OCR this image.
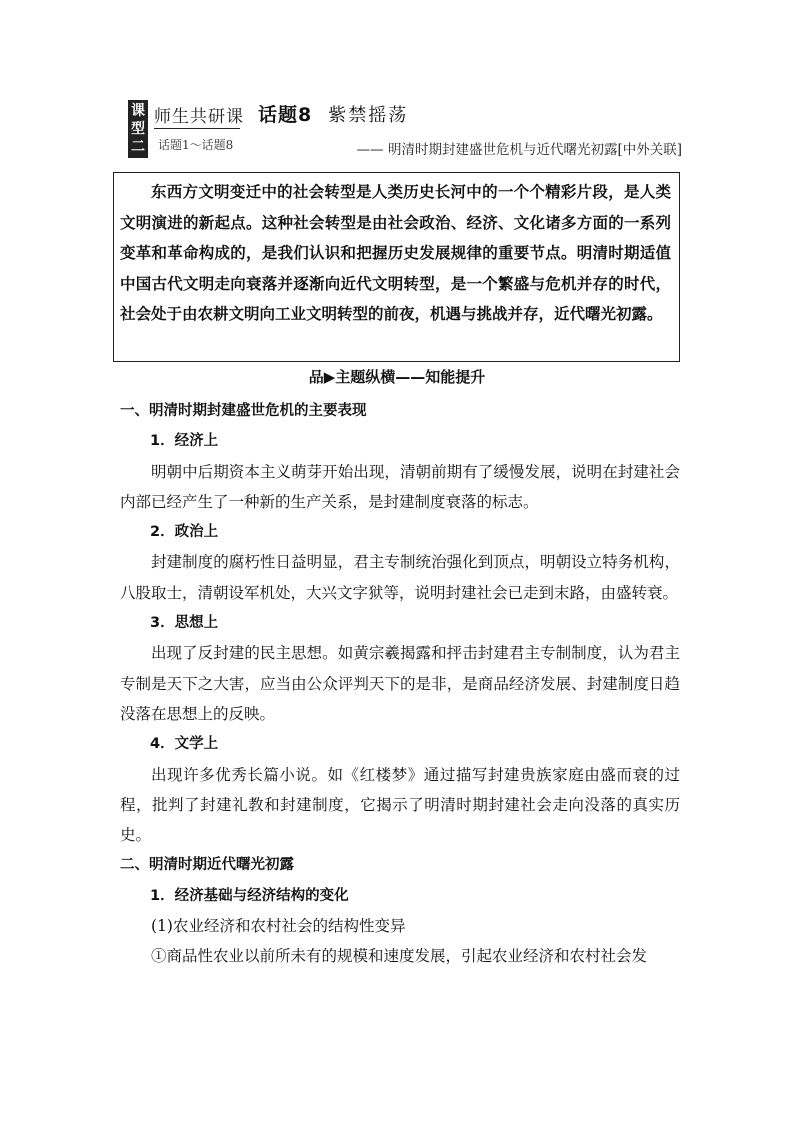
课
型
二
师生共研课
话题1～话题8
话题8 紫禁摇荡
—— 明清时期封建盛世危机与近代曙光初露[中外关联]
东西方文明变迁中的社会转型是人类历史长河中的一个个精彩片段，是人类文明演进的新起点。这种社会转型是由社会政治、经济、文化诸多方面的一系列变革和革命构成的，是我们认识和把握历史发展规律的重要节点。明清时期适值中国古代文明走向衰落并逐渐向近代文明转型，是一个繁盛与危机并存的时代，社会处于由农耕文明向工业文明转型的前夜，机遇与挑战并存，近代曙光初露。
品▶主题纵横——知能提升

一、明清时期封建盛世危机的主要表现

1．经济上

明朝中后期资本主义萌芽开始出现，清朝前期有了缓慢发展，说明在封建社会内部已经产生了一种新的生产关系，是封建制度衰落的标志。

2．政治上

封建制度的腐朽性日益明显，君主专制统治强化到顶点，明朝设立特务机构，八股取士，清朝设军机处，大兴文字狱等，说明封建社会已走到末路，由盛转衰。

3．思想上

出现了反封建的民主思想。如黄宗羲揭露和抨击封建君主专制制度，认为君主专制是天下之大害，应当由公众评判天下的是非，是商品经济发展、封建制度日趋没落在思想上的反映。

4．文学上

出现许多优秀长篇小说。如《红楼梦》通过描写封建贵族家庭由盛而衰的过程，批判了封建礼教和封建制度，它揭示了明清时期封建社会走向没落的真实历史。

二、明清时期近代曙光初露

1．经济基础与经济结构的变化

(1)农业经济和农村社会的结构性变异

①商品性农业以前所未有的规模和速度发展，引起农业经济和农村社会发
